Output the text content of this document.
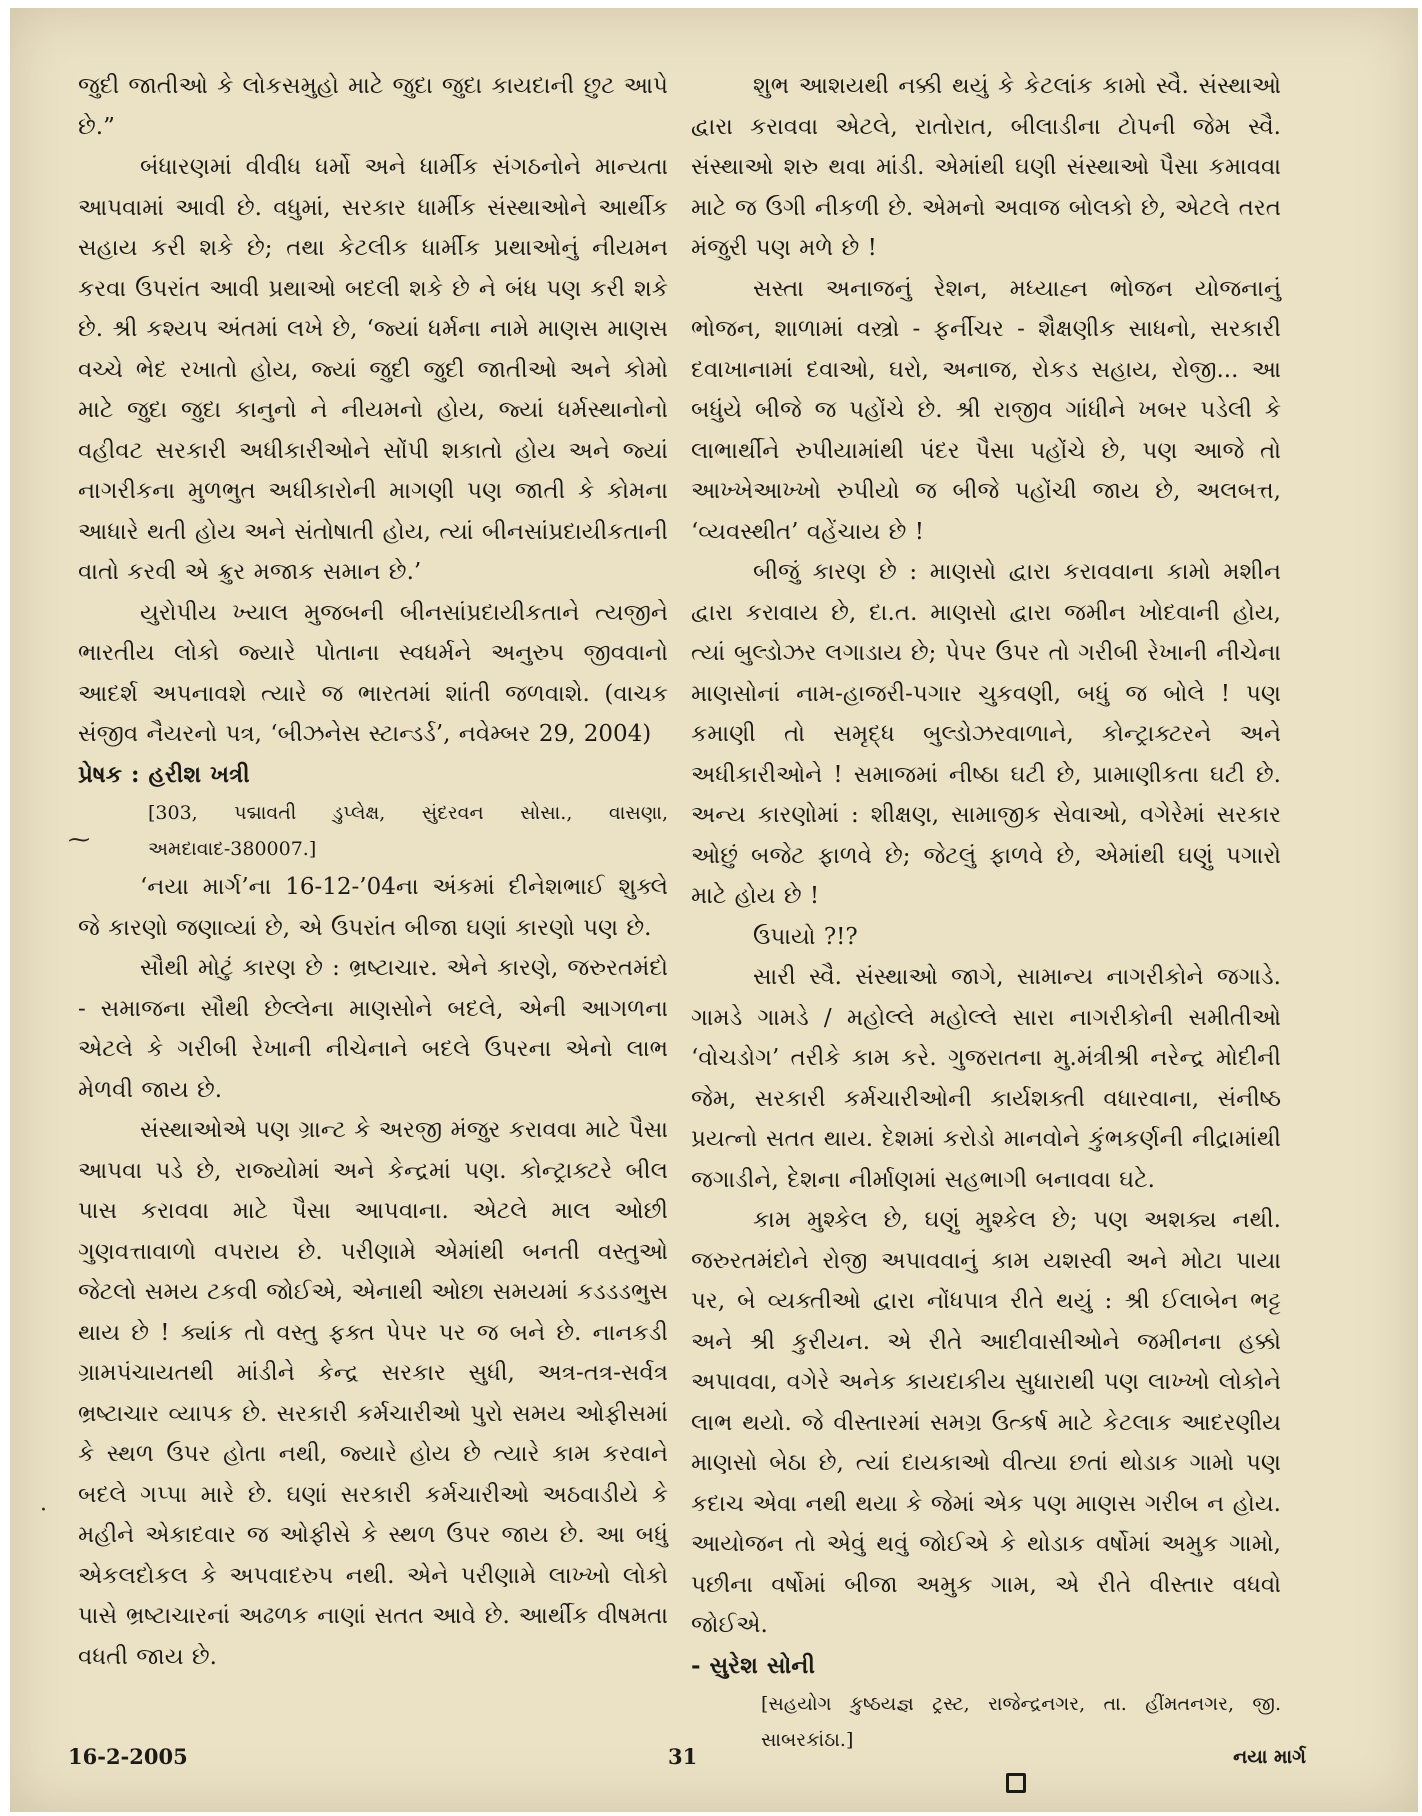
⁓
·

જુદી જાતીઓ કે લોકસમુહો માટે જુદા જુદા કાયદાની છુટ આપે છે.”

બંધારણમાં વીવીધ ધર્મો અને ધાર્મીક સંગઠનોને માન્યતા આપવામાં આવી છે. વધુમાં, સરકાર ધાર્મીક સંસ્થાઓને આર્થીક સહાય કરી શકે છે; તથા કેટલીક ધાર્મીક પ્રથાઓનું નીયમન કરવા ઉપરાંત આવી પ્રથાઓ બદલી શકે છે ને બંધ પણ કરી શકે છે. શ્રી કશ્યપ અંતમાં લખે છે, ‘જ્યાં ધર્મના નામે માણસ માણસ વચ્ચે ભેદ રખાતો હોય, જ્યાં જુદી જુદી જાતીઓ અને કોમો માટે જુદા જુદા કાનુનો ને નીયમનો હોય, જ્યાં ધર્મસ્થાનોનો વહીવટ સરકારી અધીકારીઓને સોંપી શકાતો હોય અને જ્યાં નાગરીકના મુળભુત અધીકારોની માગણી પણ જાતી કે કોમના આધારે થતી હોય અને સંતોષાતી હોય, ત્યાં બીનસાંપ્રદાયીકતાની વાતો કરવી એ ક્રુર મજાક સમાન છે.’

યુરોપીય ખ્યાલ મુજબની બીનસાંપ્રદાયીકતાને ત્યજીને ભારતીય લોકો જ્યારે પોતાના સ્વધર્મને અનુરુપ જીવવાનો આદર્શ અપનાવશે ત્યારે જ ભારતમાં શાંતી જળવાશે. (વાચક સંજીવ નૈયરનો પત્ર, ‘બીઝનેસ સ્ટાન્ડર્ડ’, નવેમ્બર 29, 2004)

પ્રેષક : હરીશ ખત્રી

[303, પદ્માવતી ડુપ્લેક્ષ, સુંદરવન સોસા., વાસણા, અમદાવાદ-380007.]

‘નયા માર્ગ’ના 16-12-’04ના અંકમાં દીનેશભાઈ શુક્લે જે કારણો જણાવ્યાં છે, એ ઉપરાંત બીજા ઘણાં કારણો પણ છે.

સૌથી મોટું કારણ છે : ભ્રષ્ટાચાર. એને કારણે, જરુરતમંદો - સમાજના સૌથી છેલ્લેના માણસોને બદલે, એની આગળના એટલે કે ગરીબી રેખાની નીચેનાને બદલે ઉપરના એનો લાભ મેળવી જાય છે.

સંસ્થાઓએ પણ ગ્રાન્ટ કે અરજી મંજુર કરાવવા માટે પૈસા આપવા પડે છે, રાજ્યોમાં અને કેન્દ્રમાં પણ. કોન્ટ્રાક્ટરે બીલ પાસ કરાવવા માટે પૈસા આપવાના. એટલે માલ ઓછી ગુણવત્તાવાળો વપરાય છે. પરીણામે એમાંથી બનતી વસ્તુઓ જેટલો સમય ટકવી જોઈએ, એનાથી ઓછા સમયમાં કડડડભુસ થાય છે ! ક્યાંક તો વસ્તુ ફક્ત પેપર પર જ બને છે. નાનકડી ગ્રામપંચાયતથી માંડીને કેન્દ્ર સરકાર સુધી, અત્ર-તત્ર-સર્વત્ર ભ્રષ્ટાચાર વ્યાપક છે. સરકારી કર્મચારીઓ પુરો સમય ઓફીસમાં કે સ્થળ ઉપર હોતા નથી, જ્યારે હોય છે ત્યારે કામ કરવાને બદલે ગપ્પા મારે છે. ઘણાં સરકારી કર્મચારીઓ અઠવાડીયે કે મહીને એકાદવાર જ ઓફીસે કે સ્થળ ઉપર જાય છે. આ બધું એકલદોકલ કે અપવાદરુપ નથી. એને પરીણામે લાખ્ખો લોકો પાસે ભ્રષ્ટાચારનાં અઢળક નાણાં સતત આવે છે. આર્થીક વીષમતા વધતી જાય છે.

શુભ આશયથી નક્કી થયું કે કેટલાંક કામો સ્વૈ. સંસ્થાઓ દ્વારા કરાવવા એટલે, રાતોરાત, બીલાડીના ટોપની જેમ સ્વૈ. સંસ્થાઓ શરુ થવા માંડી. એમાંથી ઘણી સંસ્થાઓ પૈસા કમાવવા માટે જ ઉગી નીકળી છે. એમનો અવાજ બોલકો છે, એટલે તરત મંજુરી પણ મળે છે !

સસ્તા અનાજનું રેશન, મધ્યાહ્ન ભોજન યોજનાનું ભોજન, શાળામાં વસ્ત્રો - ફર્નીચર - શૈક્ષણીક સાધનો, સરકારી દવાખાનામાં દવાઓ, ઘરો, અનાજ, રોકડ સહાય, રોજી... આ બધુંયે બીજે જ પહોંચે છે. શ્રી રાજીવ ગાંધીને ખબર પડેલી કે લાભાર્થીને રુપીયામાંથી પંદર પૈસા પહોંચે છે, પણ આજે તો આખ્ખેઆખ્ખો રુપીયો જ બીજે પહોંચી જાય છે, અલબત્ત, ‘વ્યવસ્થીત’ વહેંચાય છે !

બીજું કારણ છે : માણસો દ્વારા કરાવવાના કામો મશીન દ્વારા કરાવાય છે, દા.ત. માણસો દ્વારા જમીન ખોદવાની હોય, ત્યાં બુલ્ડોઝર લગાડાય છે; પેપર ઉપર તો ગરીબી રેખાની નીચેના માણસોનાં નામ-હાજરી-પગાર ચુકવણી, બધું જ બોલે ! પણ કમાણી તો સમૃદ્ધ બુલ્ડોઝરવાળાને, કોન્ટ્રાક્ટરને અને અધીકારીઓને ! સમાજમાં નીષ્ઠા ઘટી છે, પ્રામાણીકતા ઘટી છે. અન્ય કારણોમાં : શીક્ષણ, સામાજીક સેવાઓ, વગેરેમાં સરકાર ઓછું બજેટ ફાળવે છે; જેટલું ફાળવે છે, એમાંથી ઘણું પગારો માટે હોય છે !

ઉપાયો ?!?

સારી સ્વૈ. સંસ્થાઓ જાગે, સામાન્ય નાગરીકોને જગાડે. ગામડે ગામડે / મહોલ્લે મહોલ્લે સારા નાગરીકોની સમીતીઓ ‘વોચડોગ’ તરીકે કામ કરે. ગુજરાતના મુ.મંત્રીશ્રી નરેન્દ્ર મોદીની જેમ, સરકારી કર્મચારીઓની કાર્યશક્તી વધારવાના, સંનીષ્ઠ પ્રયત્નો સતત થાય. દેશમાં કરોડો માનવોને કુંભકર્ણની નીદ્રામાંથી જગાડીને, દેશના નીર્માણમાં સહભાગી બનાવવા ઘટે.

કામ મુશ્કેલ છે, ઘણું મુશ્કેલ છે; પણ અશક્ય નથી. જરુરતમંદોને રોજી અપાવવાનું કામ યશસ્વી અને મોટા પાયા પર, બે વ્યક્તીઓ દ્વારા નોંધપાત્ર રીતે થયું : શ્રી ઈલાબેન ભટ્ટ અને શ્રી કુરીયન. એ રીતે આદીવાસીઓને જમીનના હક્કો અપાવવા, વગેરે અનેક કાયદાકીય સુધારાથી પણ લાખ્ખો લોકોને લાભ થયો. જે વીસ્તારમાં સમગ્ર ઉત્કર્ષ માટે કેટલાક આદરણીય માણસો બેઠા છે, ત્યાં દાયકાઓ વીત્યા છતાં થોડાક ગામો પણ કદાચ એવા નથી થયા કે જેમાં એક પણ માણસ ગરીબ ન હોય. આયોજન તો એવું થવું જોઈએ કે થોડાક વર્ષોમાં અમુક ગામો, પછીના વર્ષોમાં બીજા અમુક ગામ, એ રીતે વીસ્તાર વધવો જોઈએ.

- સુરેશ સોની

[સહયોગ કુષ્ઠયજ્ઞ ટ્રસ્ટ, રાજેન્દ્રનગર, તા. હીંમતનગર, જી. સાબરકાંઠા.]

16-2-2005	31	નયા માર્ગ
